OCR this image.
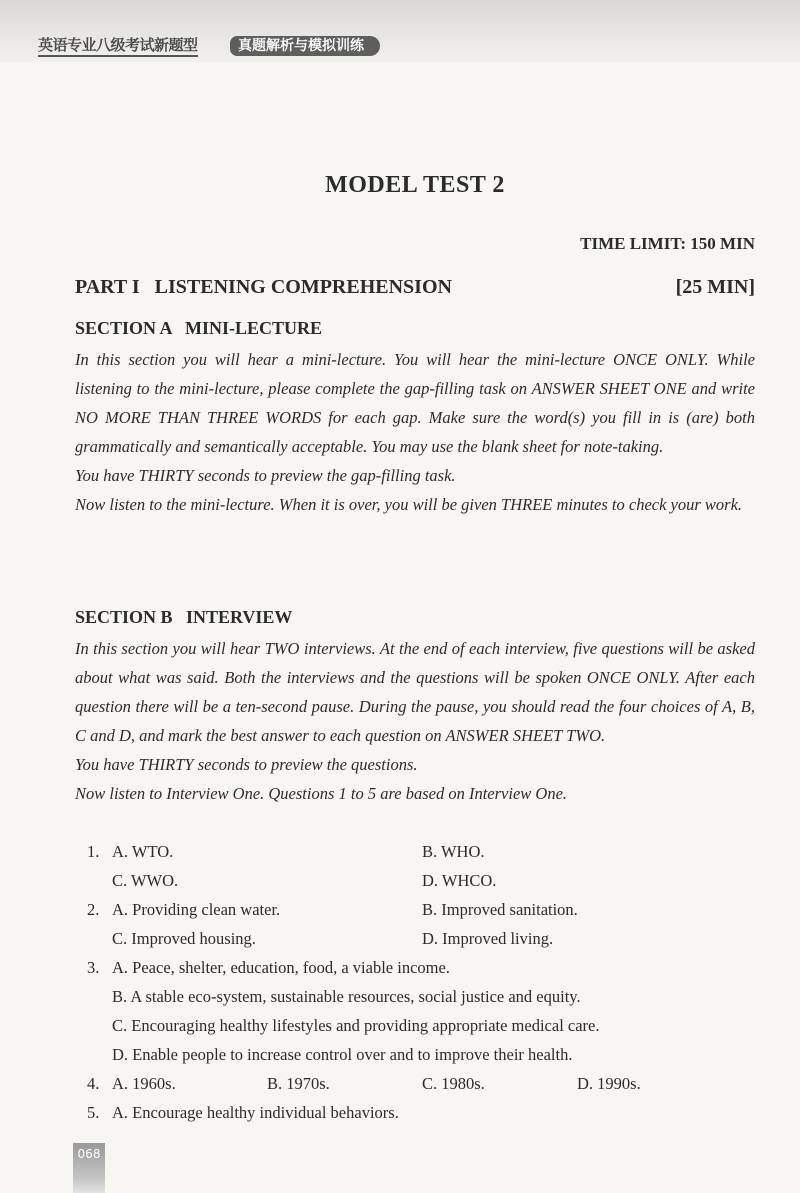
英语专业八级考试新题型	真题解析与模拟训练
MODEL TEST 2
TIME LIMIT: 150 MIN
PART I   LISTENING COMPREHENSION	[25 MIN]
SECTION A   MINI-LECTURE

In this section you will hear a mini-lecture. You will hear the mini-lecture ONCE ONLY. While listening to the mini-lecture, please complete the gap-filling task on ANSWER SHEET ONE and write NO MORE THAN THREE WORDS for each gap. Make sure the word(s) you fill in is (are) both grammatically and semantically acceptable. You may use the blank sheet for note-taking.

You have THIRTY seconds to preview the gap-filling task.

Now listen to the mini-lecture. When it is over, you will be given THREE minutes to check your work.

SECTION B   INTERVIEW

In this section you will hear TWO interviews. At the end of each interview, five questions will be asked about what was said. Both the interviews and the questions will be spoken ONCE ONLY. After each question there will be a ten-second pause. During the pause, you should read the four choices of A, B, C and D, and mark the best answer to each question on ANSWER SHEET TWO.

You have THIRTY seconds to preview the questions.

Now listen to Interview One. Questions 1 to 5 are based on Interview One.

1. A. WTO.	B. WHO.
C. WWO.	D. WHCO.
2. A. Providing clean water.	B. Improved sanitation.
C. Improved housing.	D. Improved living.
3. A. Peace, shelter, education, food, a viable income.
B. A stable eco-system, sustainable resources, social justice and equity.
C. Encouraging healthy lifestyles and providing appropriate medical care.
D. Enable people to increase control over and to improve their health.
4. A. 1960s.	B. 1970s.	C. 1980s.	D. 1990s.
5. A. Encourage healthy individual behaviors.
068
